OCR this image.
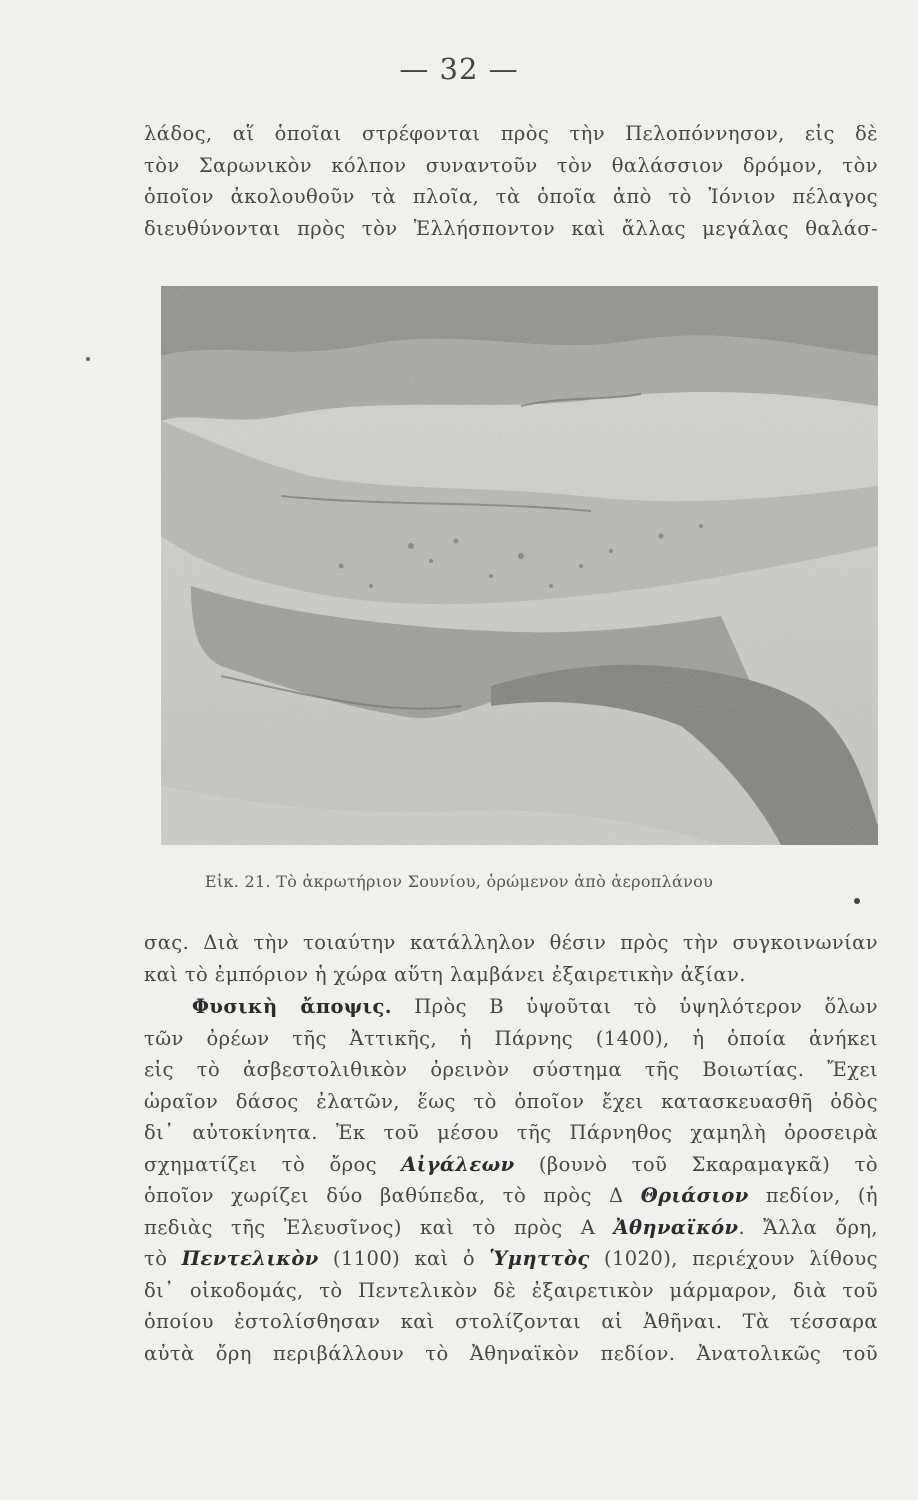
— 32 —

λάδος, αἵ ὁποῖαι στρέφονται πρὸς τὴν Πελοπόννησον, εἰς δὲ
τὸν Σαρωνικὸν κόλπον συναντοῦν τὸν θαλάσσιον δρόμον, τὸν
ὁποῖον ἀκολουθοῦν τὰ πλοῖα, τὰ ὁποῖα ἀπὸ τὸ Ἰόνιον πέλαγος
διευθύνονται πρὸς τὸν Ἑλλήσποντον καὶ ἄλλας μεγάλας θαλάσ-

Εἰκ. 21. Τὸ ἀκρωτήριον Σουνίου, ὁρώμενον ἀπὸ ἀεροπλάνου

σας. Διὰ τὴν τοιαύτην κατάλληλον θέσιν πρὸς τὴν συγκοινωνίαν
καὶ τὸ ἐμπόριον ἡ χώρα αὕτη λαμβάνει ἐξαιρετικὴν ἀξίαν.

Φυσικὴ ἄποψις. Πρὸς Β ὑψοῦται τὸ ὑψηλότερον ὅλων
τῶν ὀρέων τῆς Ἀττικῆς, ἡ Πάρνης (1400), ἡ ὁποία ἀνήκει
εἰς τὸ ἀσβεστολιθικὸν ὀρεινὸν σύστημα τῆς Βοιωτίας. Ἔχει
ὡραῖον δάσος ἐλατῶν, ἕως τὸ ὁποῖον ἔχει κατασκευασθῆ ὁδὸς
δι᾽ αὐτοκίνητα. Ἐκ τοῦ μέσου τῆς Πάρνηθος χαμηλὴ ὀροσειρὰ
σχηματίζει τὸ ὄρος Αἰγάλεων (βουνὸ τοῦ Σκαραμαγκᾶ) τὸ
ὁποῖον χωρίζει δύο βαθύπεδα, τὸ πρὸς Δ Θριάσιον πεδίον, (ἡ
πεδιὰς τῆς Ἐλευσῖνος) καὶ τὸ πρὸς Α Ἀθηναϊκόν. Ἄλλα ὄρη,
τὸ Πεντελικὸν (1100) καὶ ὁ Ὑμηττὸς (1020), περιέχουν λίθους
δι᾽ οἰκοδομάς, τὸ Πεντελικὸν δὲ ἐξαιρετικὸν μάρμαρον, διὰ τοῦ
ὁποίου ἐστολίσθησαν καὶ στολίζονται αἱ Ἀθῆναι. Τὰ τέσσαρα
αὐτὰ ὄρη περιβάλλουν τὸ Ἀθηναϊκὸν πεδίον. Ἀνατολικῶς τοῦ
